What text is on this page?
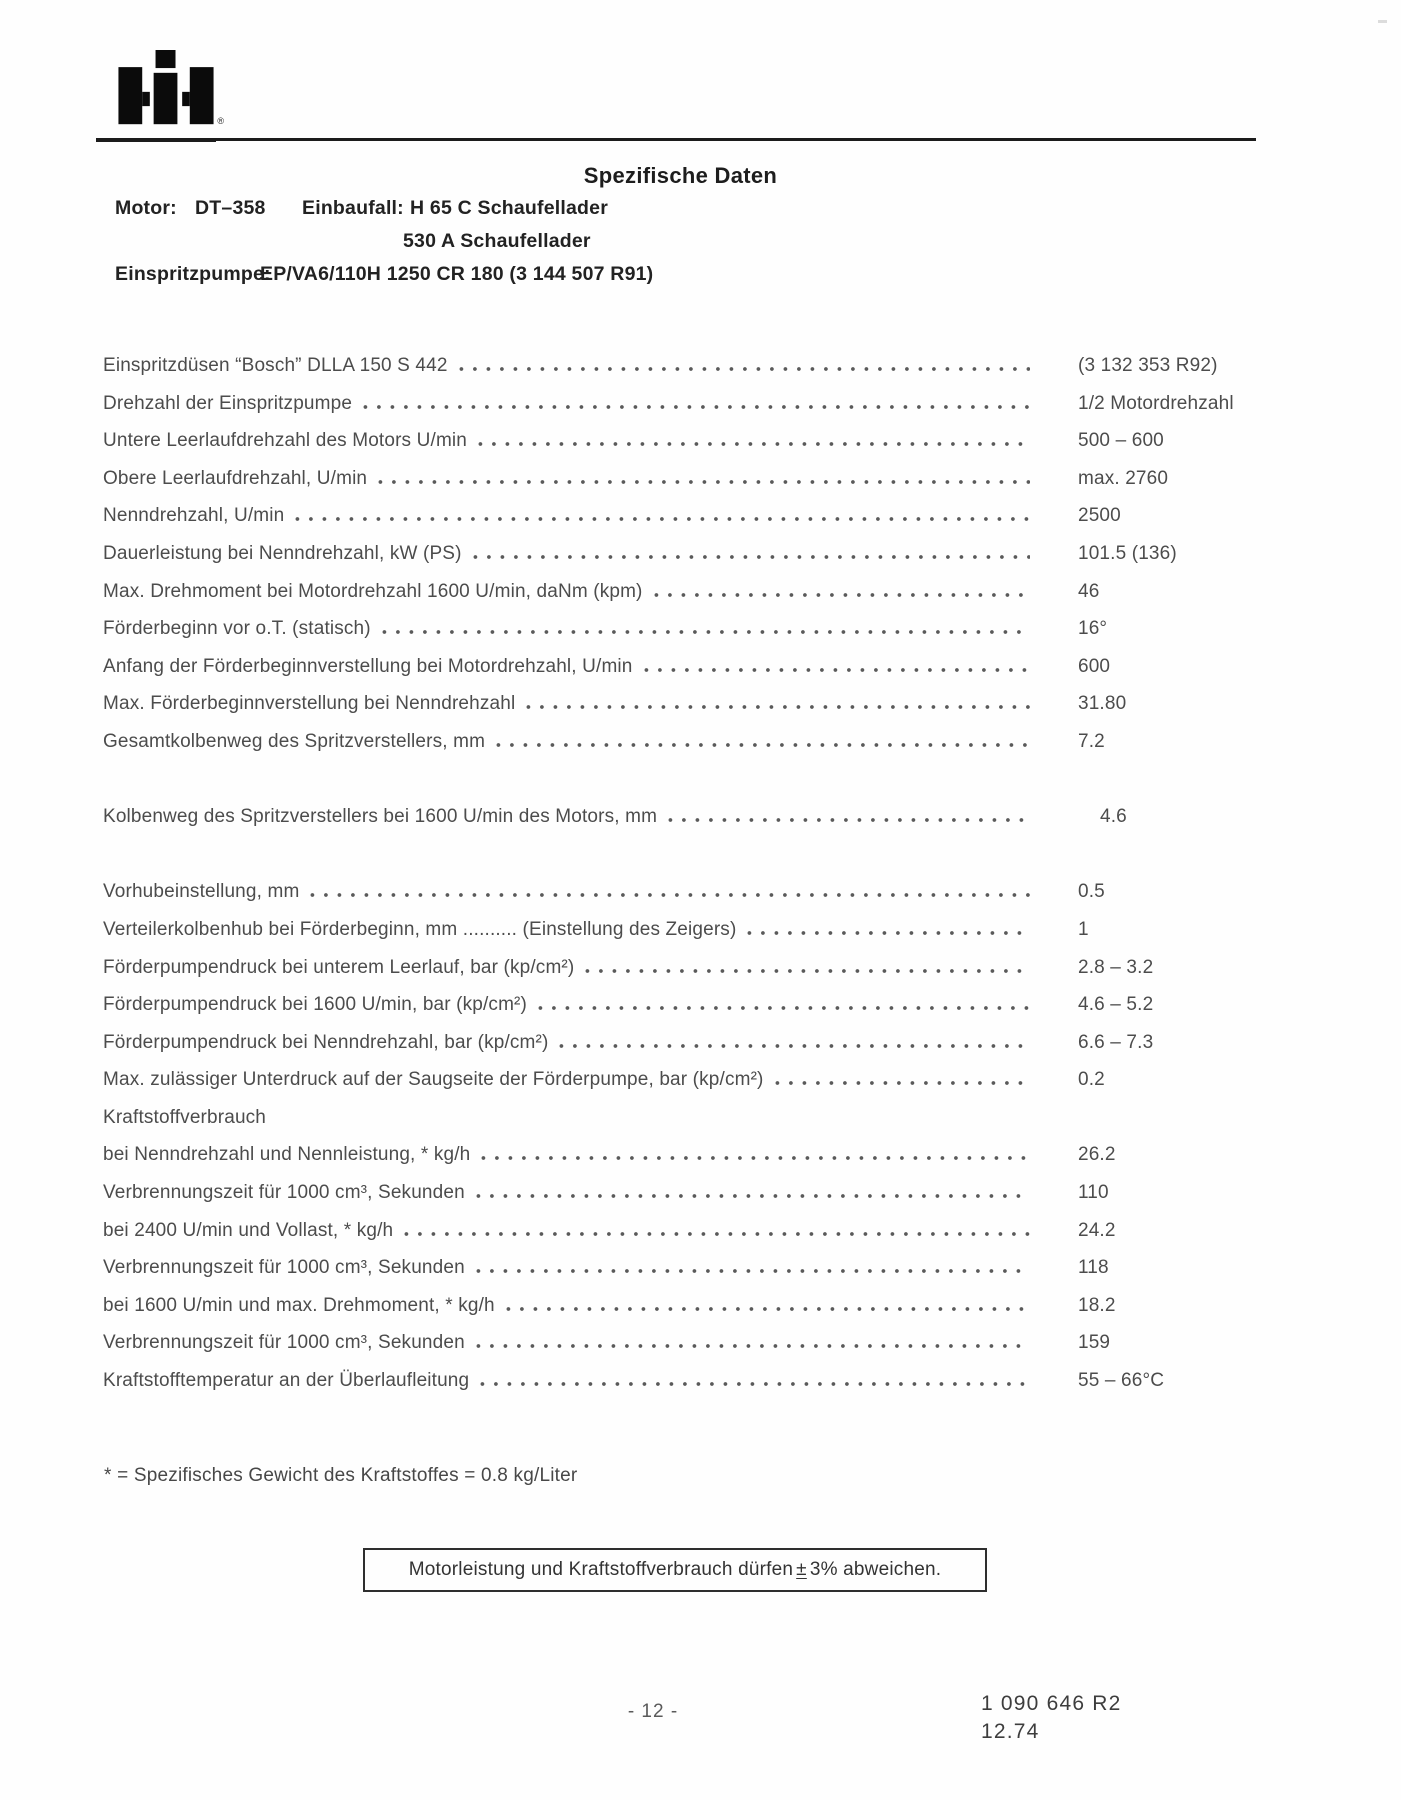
®
Spezifische Daten
Motor: DT–358	Einbaufall: H 65 C Schaufellader
530 A Schaufellader
Einspritzpumpe:
EP/VA6/110H 1250 CR 180 (3 144 507 R91)
Einspritzdüsen “Bosch” DLLA 150 S 442	(3 132 353 R92)
Drehzahl der Einspritzpumpe	1/2 Motordrehzahl
Untere Leerlaufdrehzahl des Motors U/min	500 – 600
Obere Leerlaufdrehzahl, U/min	max. 2760
Nenndrehzahl, U/min	2500
Dauerleistung bei Nenndrehzahl, kW (PS)	101.5 (136)
Max. Drehmoment bei Motordrehzahl 1600 U/min, daNm (kpm)	46
Förderbeginn vor o.T. (statisch)	16°
Anfang der Förderbeginnverstellung bei Motordrehzahl, U/min	600
Max. Förderbeginnverstellung bei Nenndrehzahl	31.80
Gesamtkolbenweg des Spritzverstellers, mm	7.2
Kolbenweg des Spritzverstellers bei 1600 U/min des Motors, mm	4.6
Vorhubeinstellung, mm	0.5
Verteilerkolbenhub bei Förderbeginn, mm .......... (Einstellung des Zeigers)	1
Förderpumpendruck bei unterem Leerlauf, bar (kp/cm²)	2.8 – 3.2
Förderpumpendruck bei 1600 U/min, bar (kp/cm²)	4.6 – 5.2
Förderpumpendruck bei Nenndrehzahl, bar (kp/cm²)	6.6 – 7.3
Max. zulässiger Unterdruck auf der Saugseite der Förderpumpe, bar (kp/cm²)	0.2
Kraftstoffverbrauch
bei Nenndrehzahl und Nennleistung, * kg/h	26.2
Verbrennungszeit für 1000 cm³, Sekunden	110
bei 2400 U/min und Vollast, * kg/h	24.2
Verbrennungszeit für 1000 cm³, Sekunden	118
bei 1600 U/min und max. Drehmoment, * kg/h	18.2
Verbrennungszeit für 1000 cm³, Sekunden	159
Kraftstofftemperatur an der Überlaufleitung	55 – 66°C
* = Spezifisches Gewicht des Kraftstoffes = 0.8 kg/Liter
Motorleistung und Kraftstoffverbrauch dürfen ± 3% abweichen.
- 12 -	1 090 646 R2
12.74
